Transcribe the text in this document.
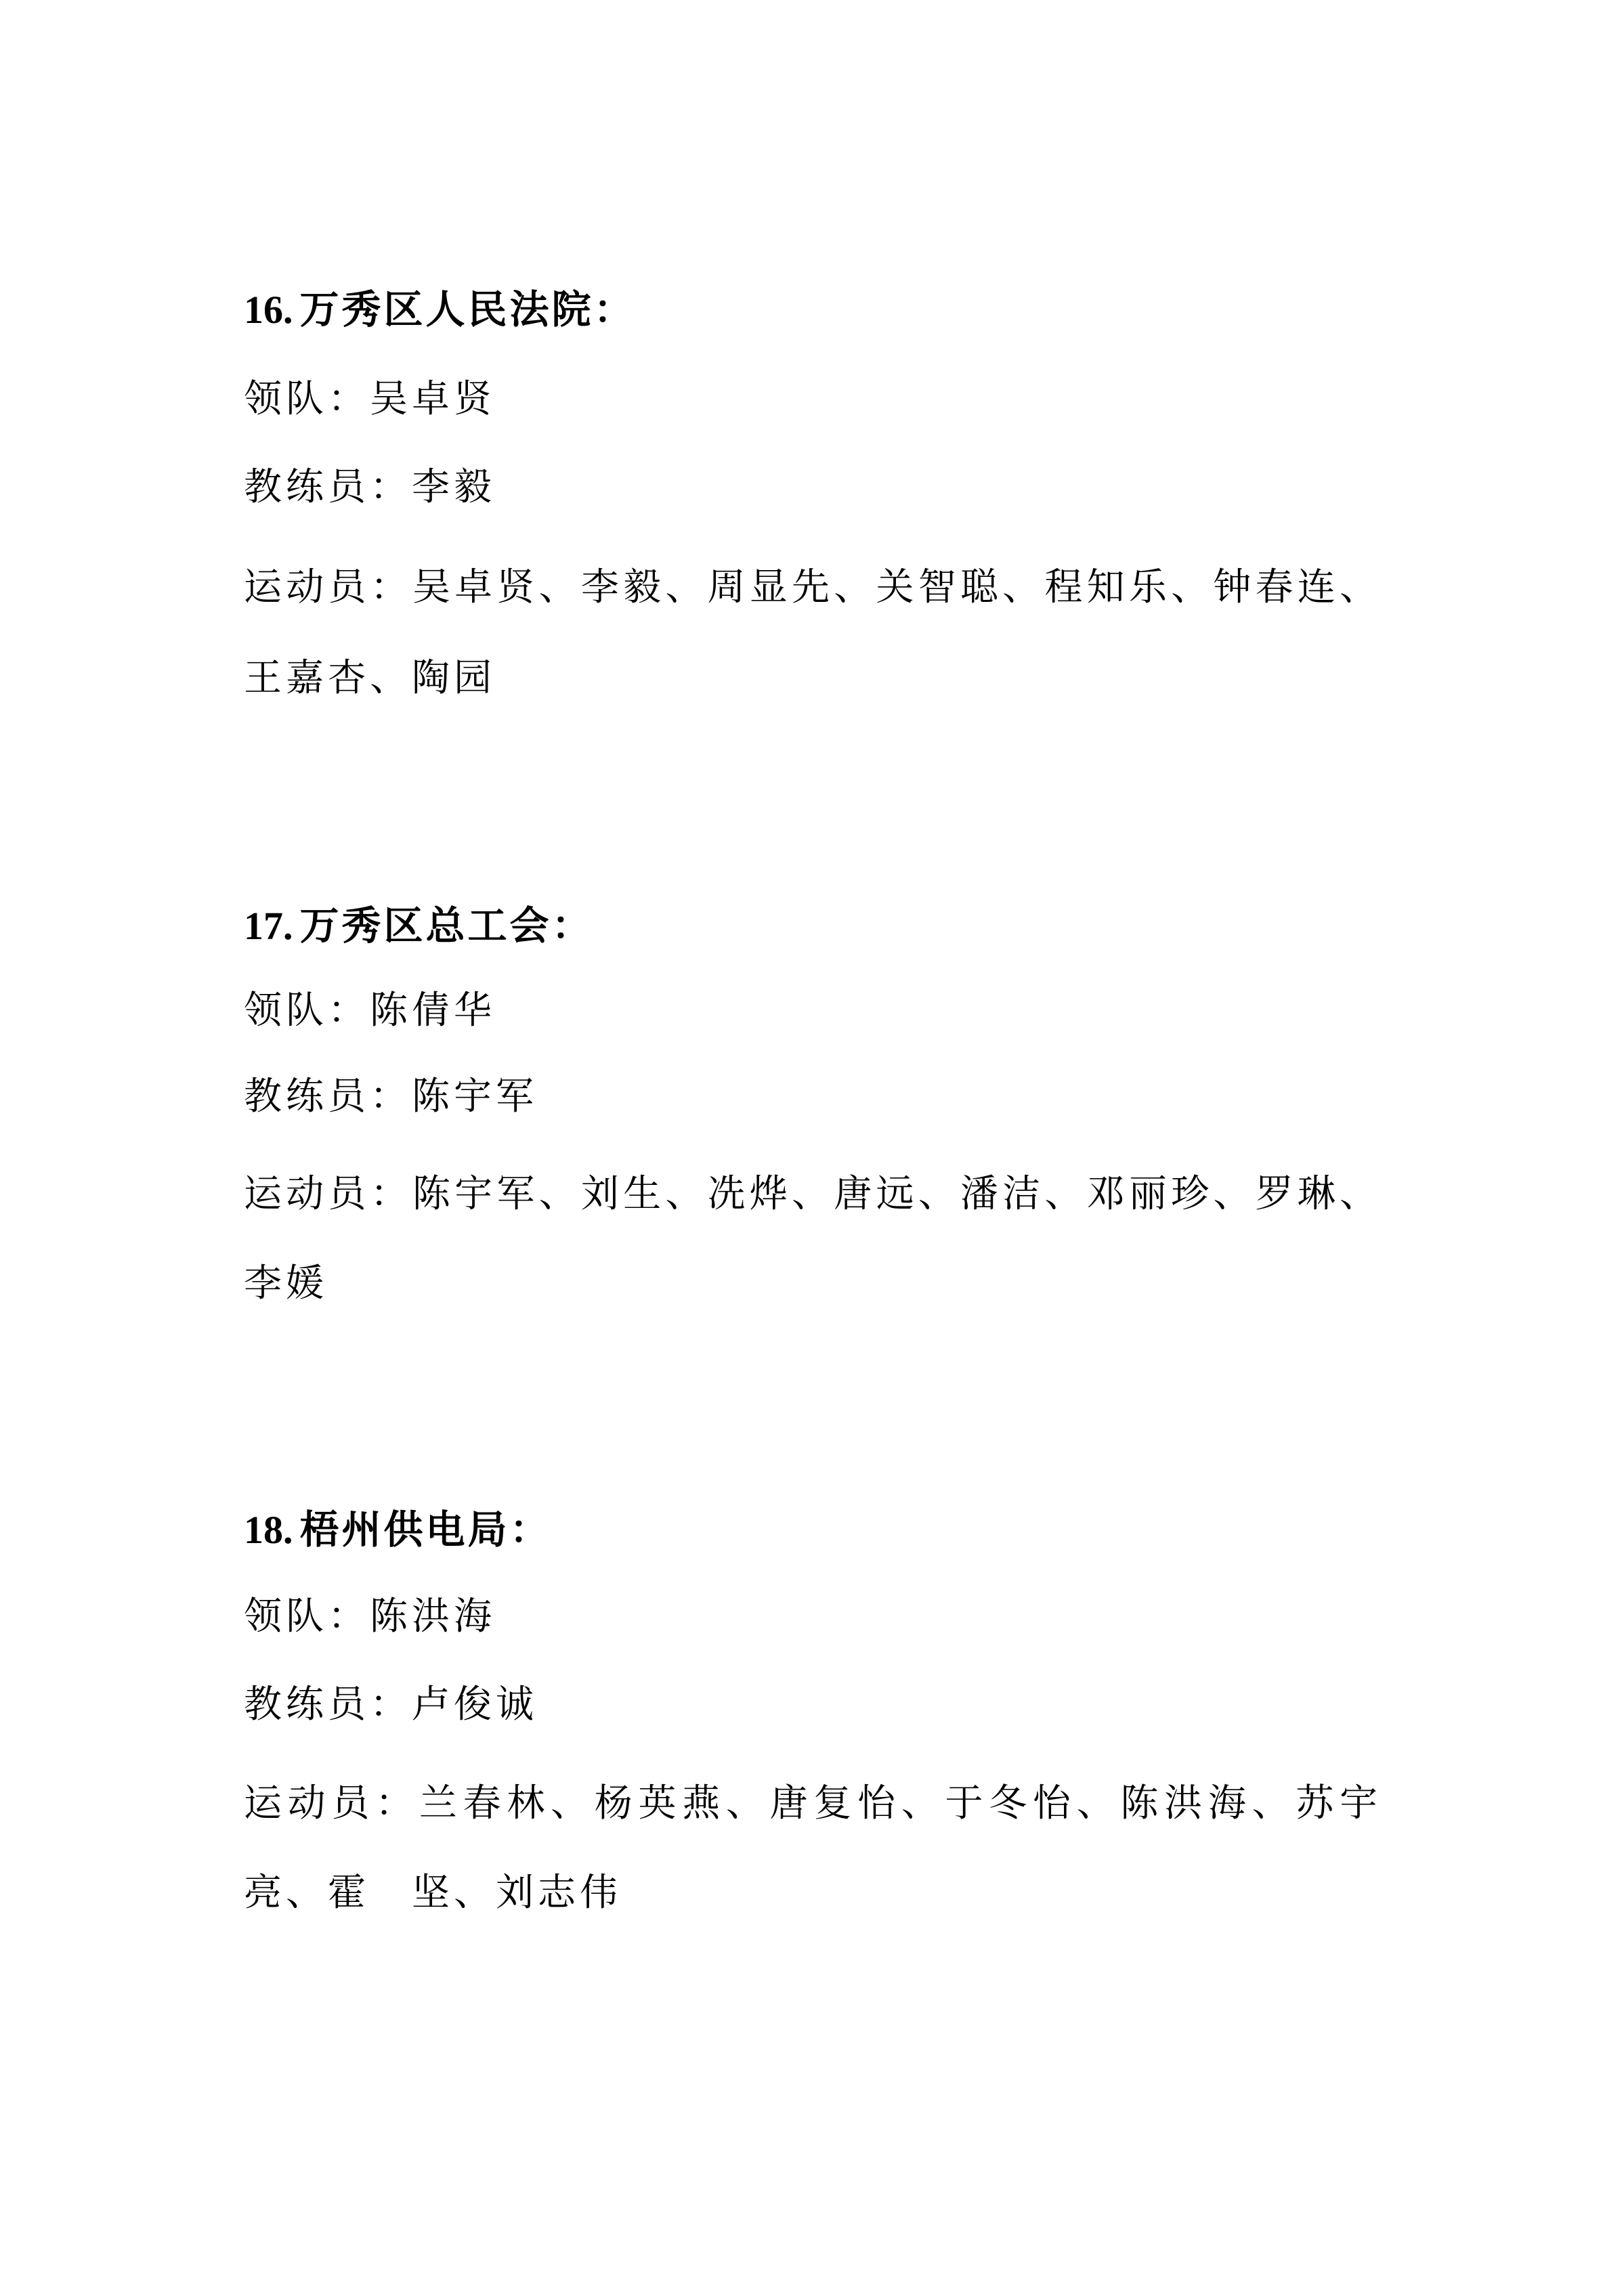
16. 万秀区人民法院：
领队：吴卓贤
教练员：李毅
运动员：吴卓贤、李毅、周显先、关智聪、程知乐、钟春连、
王嘉杏、陶园
17. 万秀区总工会：
领队：陈倩华
教练员：陈宇军
运动员：陈宇军、刘生、冼烨、唐远、潘洁、邓丽珍、罗琳、
李媛
18. 梧州供电局：
领队：陈洪海
教练员：卢俊诚
运动员：兰春林、杨英燕、唐复怡、于冬怡、陈洪海、苏宇
亮、霍　坚、刘志伟
